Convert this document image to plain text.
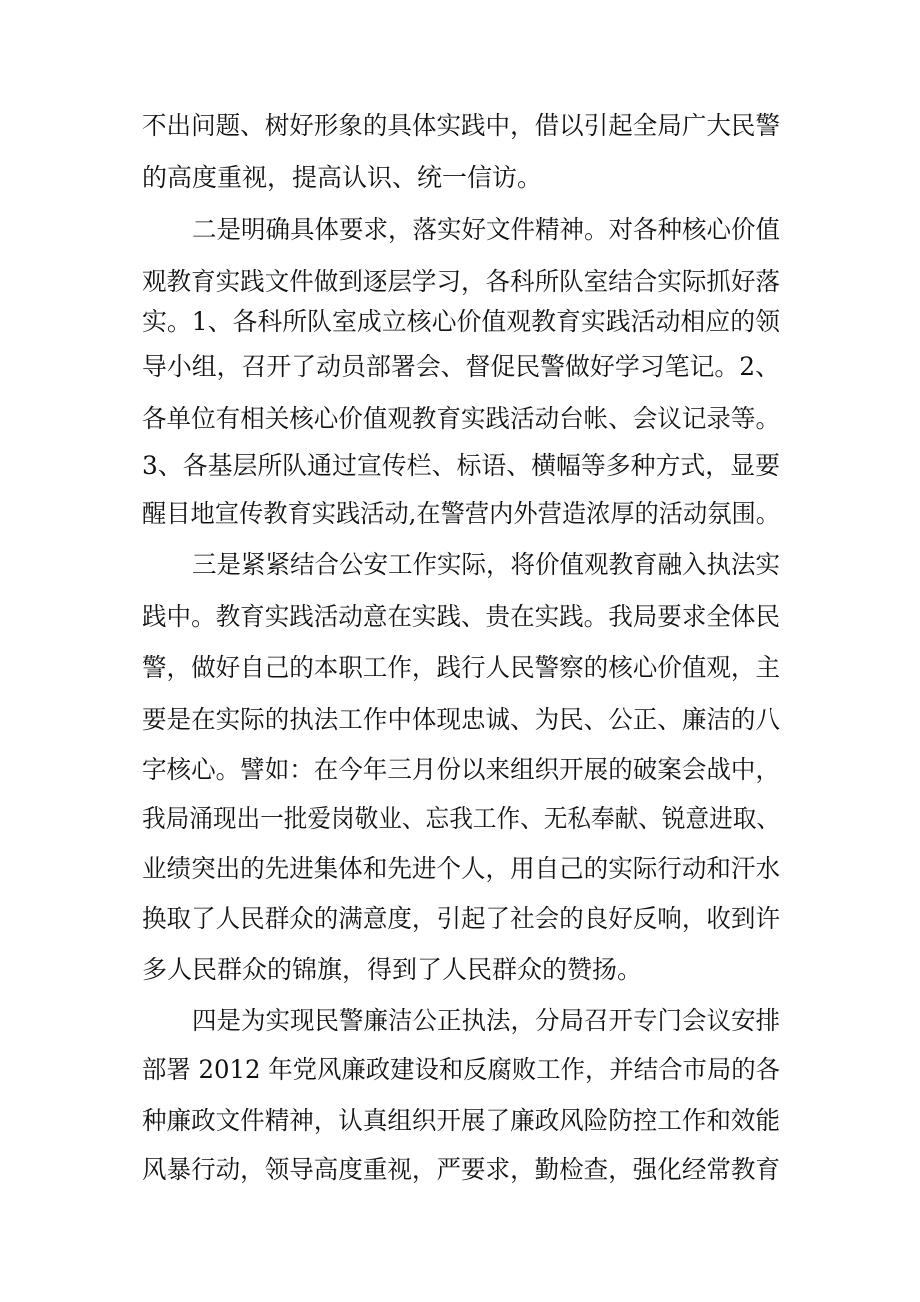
不出问题、树好形象的具体实践中，借以引起全局广大民警
的高度重视，提高认识、统一信访。
二是明确具体要求，落实好文件精神。对各种核心价值
观教育实践文件做到逐层学习，各科所队室结合实际抓好落
实。1、各科所队室成立核心价值观教育实践活动相应的领
导小组，召开了动员部署会、督促民警做好学习笔记。2、
各单位有相关核心价值观教育实践活动台帐、会议记录等。
3、各基层所队通过宣传栏、标语、横幅等多种方式，显要
醒目地宣传教育实践活动,在警营内外营造浓厚的活动氛围。
三是紧紧结合公安工作实际，将价值观教育融入执法实
践中。教育实践活动意在实践、贵在实践。我局要求全体民
警，做好自己的本职工作，践行人民警察的核心价值观，主
要是在实际的执法工作中体现忠诚、为民、公正、廉洁的八
字核心。譬如：在今年三月份以来组织开展的破案会战中，
我局涌现出一批爱岗敬业、忘我工作、无私奉献、锐意进取、
业绩突出的先进集体和先进个人，用自己的实际行动和汗水
换取了人民群众的满意度，引起了社会的良好反响，收到许
多人民群众的锦旗，得到了人民群众的赞扬。
四是为实现民警廉洁公正执法，分局召开专门会议安排
部署 2012 年党风廉政建设和反腐败工作，并结合市局的各
种廉政文件精神，认真组织开展了廉政风险防控工作和效能
风暴行动，领导高度重视，严要求，勤检查，强化经常教育
